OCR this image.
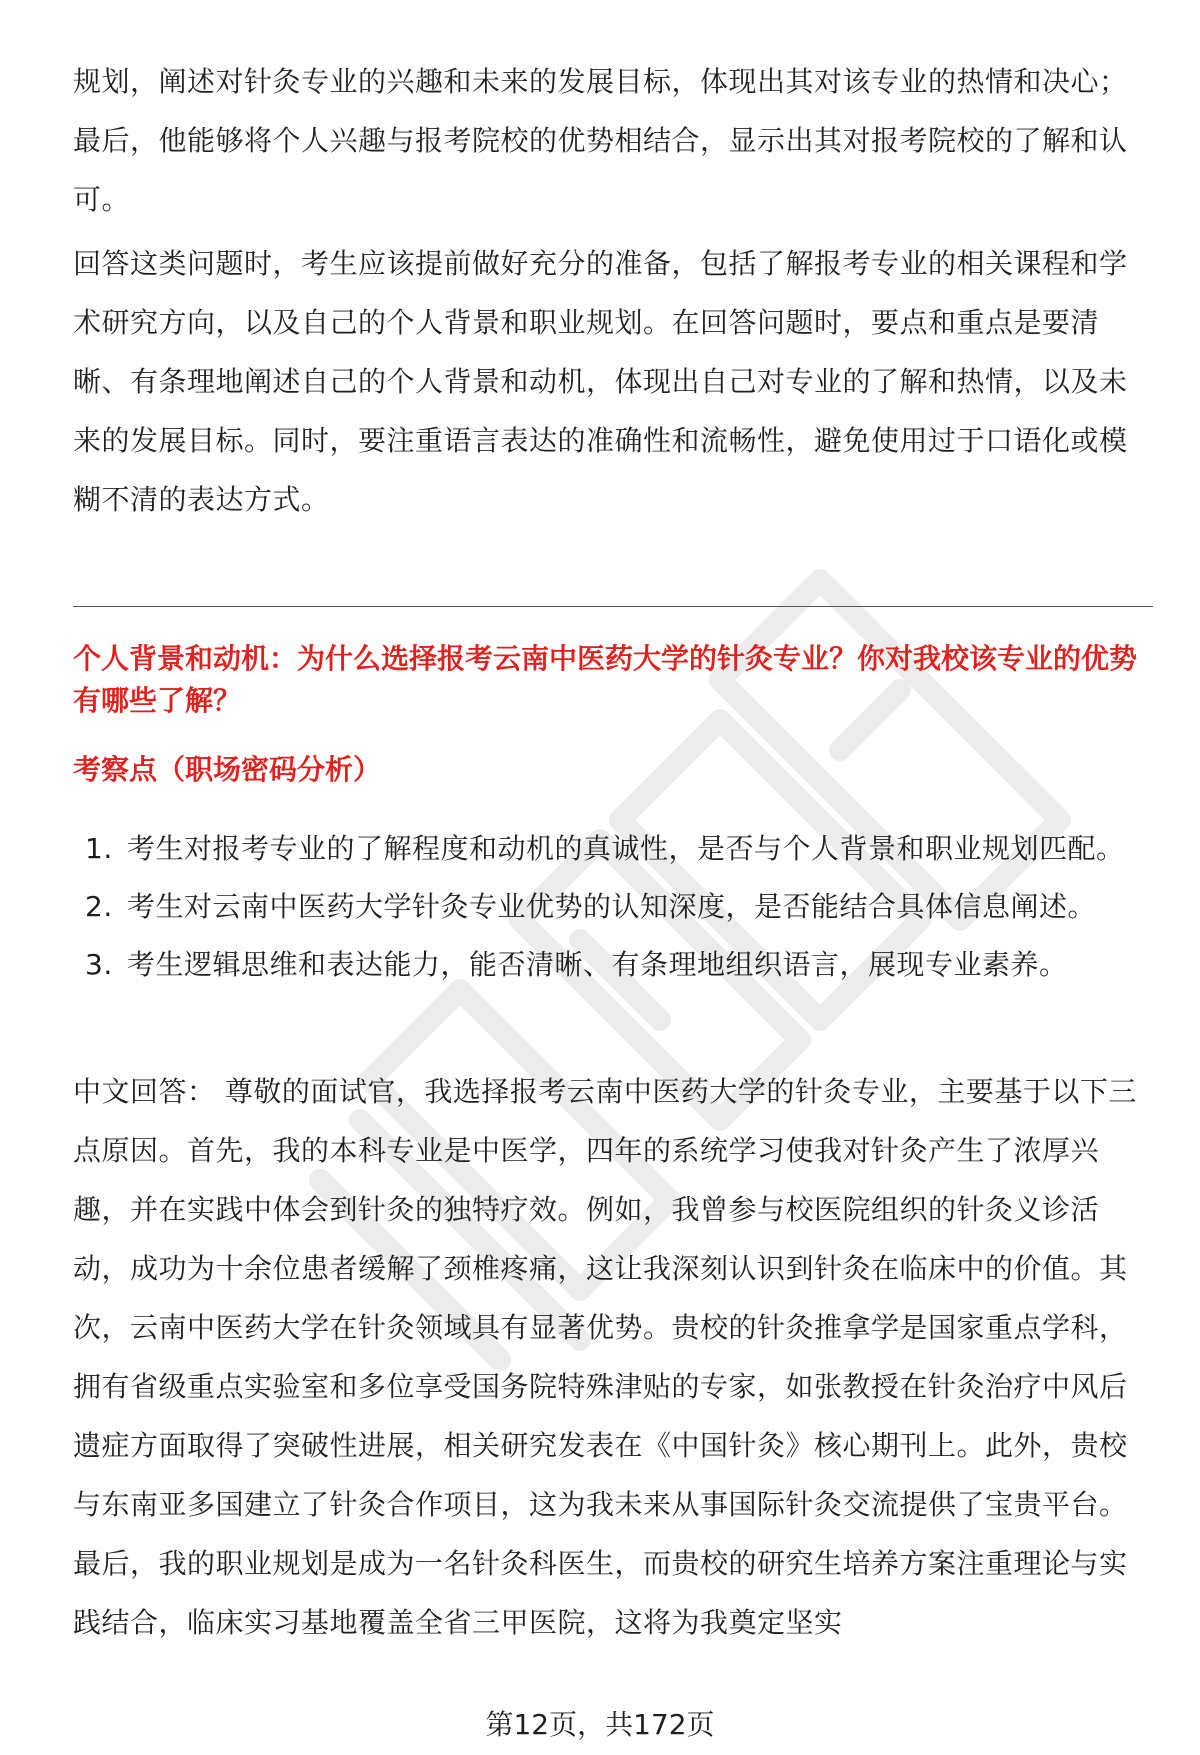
规划，阐述对针灸专业的兴趣和未来的发展目标，体现出其对该专业的热情和决心；最后，他能够将个人兴趣与报考院校的优势相结合，显示出其对报考院校的了解和认可。

回答这类问题时，考生应该提前做好充分的准备，包括了解报考专业的相关课程和学术研究方向，以及自己的个人背景和职业规划。在回答问题时，要点和重点是要清晰、有条理地阐述自己的个人背景和动机，体现出自己对专业的了解和热情，以及未来的发展目标。同时，要注重语言表达的准确性和流畅性，避免使用过于口语化或模糊不清的表达方式。

个人背景和动机：为什么选择报考云南中医药大学的针灸专业？你对我校该专业的优势有哪些了解？

考察点（职场密码分析）

1. 考生对报考专业的了解程度和动机的真诚性，是否与个人背景和职业规划匹配。
2. 考生对云南中医药大学针灸专业优势的认知深度，是否能结合具体信息阐述。
3. 考生逻辑思维和表达能力，能否清晰、有条理地组织语言，展现专业素养。

中文回答： 尊敬的面试官，我选择报考云南中医药大学的针灸专业，主要基于以下三点原因。首先，我的本科专业是中医学，四年的系统学习使我对针灸产生了浓厚兴趣，并在实践中体会到针灸的独特疗效。例如，我曾参与校医院组织的针灸义诊活动，成功为十余位患者缓解了颈椎疼痛，这让我深刻认识到针灸在临床中的价值。其次，云南中医药大学在针灸领域具有显著优势。贵校的针灸推拿学是国家重点学科，拥有省级重点实验室和多位享受国务院特殊津贴的专家，如张教授在针灸治疗中风后遗症方面取得了突破性进展，相关研究发表在《中国针灸》核心期刊上。此外，贵校与东南亚多国建立了针灸合作项目，这为我未来从事国际针灸交流提供了宝贵平台。最后，我的职业规划是成为一名针灸科医生，而贵校的研究生培养方案注重理论与实践结合，临床实习基地覆盖全省三甲医院，这将为我奠定坚实

第12页，共172页
